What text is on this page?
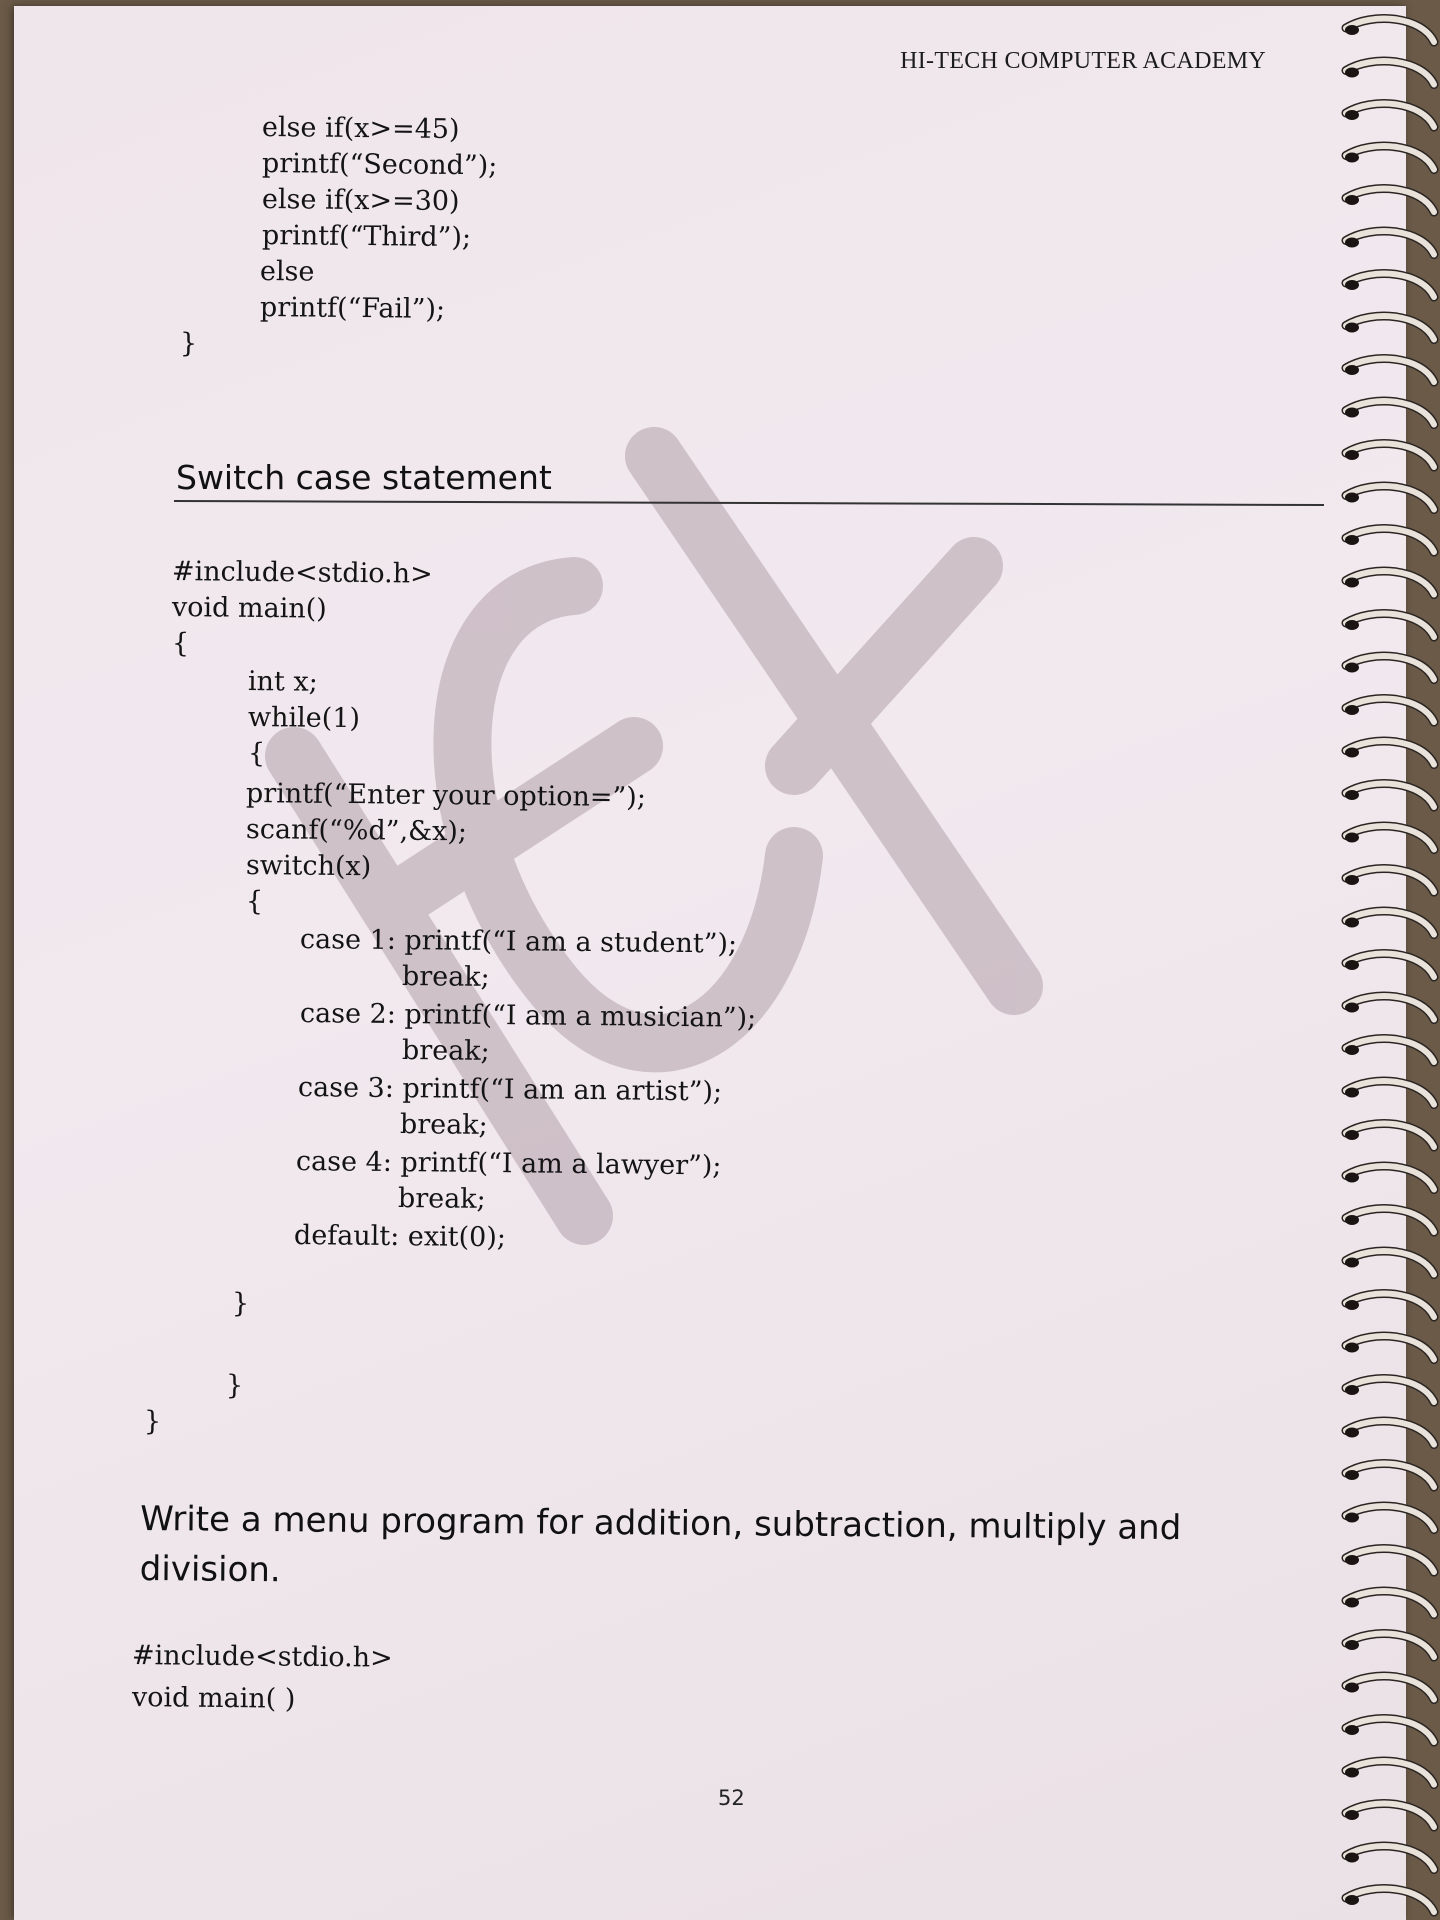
HI-TECH COMPUTER ACADEMY
else if(x>=45)
printf(“Second”);
else if(x>=30)
printf(“Third”);
else
printf(“Fail”);
}
Switch case statement
#include<stdio.h>
void main()
{
int x;
while(1)
{
printf(“Enter your option=”);
scanf(“%d”,&x);
switch(x)
{
case 1: printf(“I am a student”);
break;
case 2: printf(“I am a musician”);
break;
case 3: printf(“I am an artist”);
break;
case 4: printf(“I am a lawyer”);
break;
default: exit(0);
}
}
}
Write a menu program for addition, subtraction, multiply and division.
#include<stdio.h>
void main( )
52
